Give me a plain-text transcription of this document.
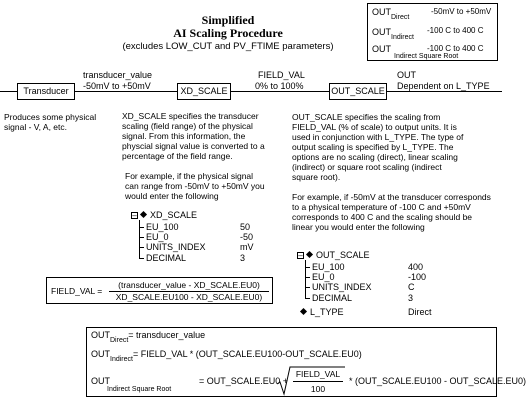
Simplified
AI Scaling Procedure
(excludes LOW_CUT and PV_FTIME parameters)
$OUT_{Direct}$
-50mV to +50mV
$OUT_{Indirect}$
-100 C to 400 C
OUT	-100 C to 400 C
Indirect Square Root
Transducer	XD_SCALE	OUT_SCALE
transducer_value
-50mV to +50mV
FIELD_VAL
0% to 100%
OUT
Dependent on L_TYPE
Produces some physical signal - V, A, etc.
XD_SCALE specifies the transducer scaling (field range) of the physical signal. From this information, the physcial signal value is converted to a percentage of the field range.
For example, if the physical signal can range from -50mV to +50mV you would enter the following
–	XD_SCALE
EU_100	50
EU_0	-50
UNITS_INDEX	mV
DECIMAL	3
OUT_SCALE specifies the scaling from FIELD_VAL (% of scale) to output units. It is used in conjunction with L_TYPE. The type of output scaling is specified by L_TYPE. The options are no scaling (direct), linear scaling (indirect) or square root scaling (indirect square root).
For example, if -50mV at the transducer corresponds to a physical temperature of -100 C and +50mV corresponds to 400 C and the scaling should be linear you would enter the following
–	OUT_SCALE
EU_100	400
EU_0	-100
UNITS_INDEX	C
DECIMAL	3
L_TYPE	Direct
FIELD_VAL =
(transducer_value - XD_SCALE.EU0)
XD_SCALE.EU100 - XD_SCALE.EU0)
$OUT_{Direct}=$ transducer_value
$OUT_{Indirect}=$ FIELD_VAL * (OUT_SCALE.EU100-OUT_SCALE.EU0)
OUT
Indirect Square Root
= OUT_SCALE.EU0 +
FIELD_VAL
100
* (OUT_SCALE.EU100 - OUT_SCALE.EU0)
